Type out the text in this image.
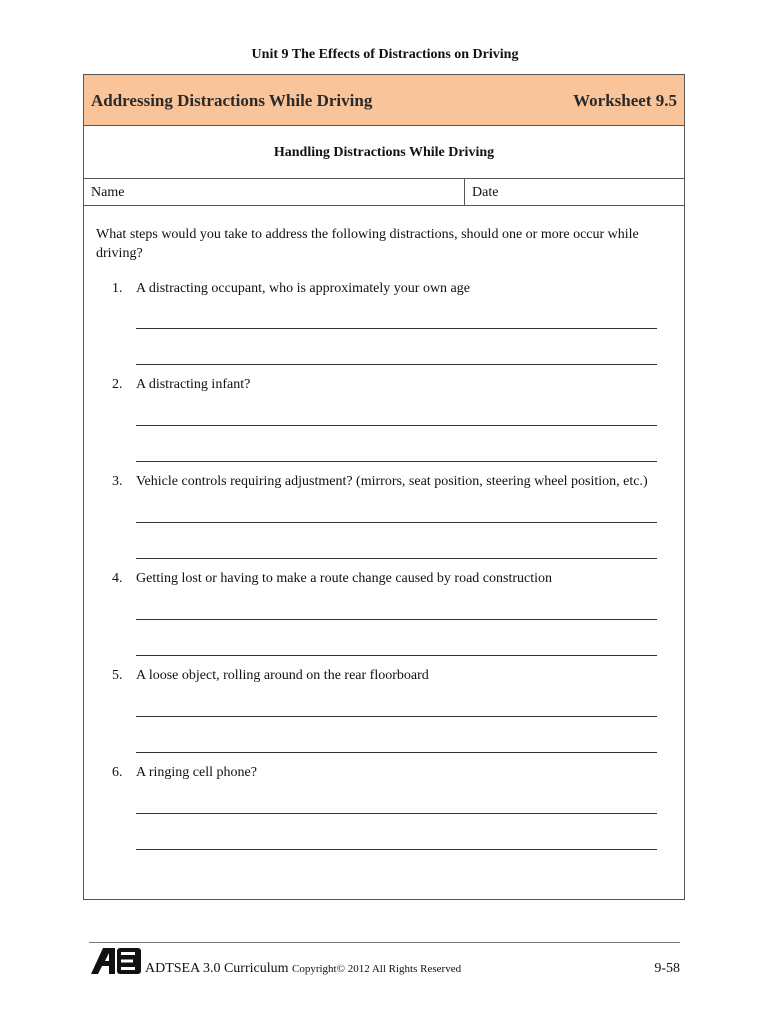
Unit 9 The Effects of Distractions on Driving
Addressing Distractions While Driving	Worksheet 9.5
Handling Distractions While Driving
Name	Date
What steps would you take to address the following distractions, should one or more occur while driving?
1. A distracting occupant, who is approximately your own age
2. A distracting infant?
3. Vehicle controls requiring adjustment? (mirrors, seat position, steering wheel position, etc.)
4. Getting lost or having to make a route change caused by road construction
5. A loose object, rolling around on the rear floorboard
6. A ringing cell phone?
ADTSEA 3.0 Curriculum Copyright© 2012 All Rights Reserved	9-58
